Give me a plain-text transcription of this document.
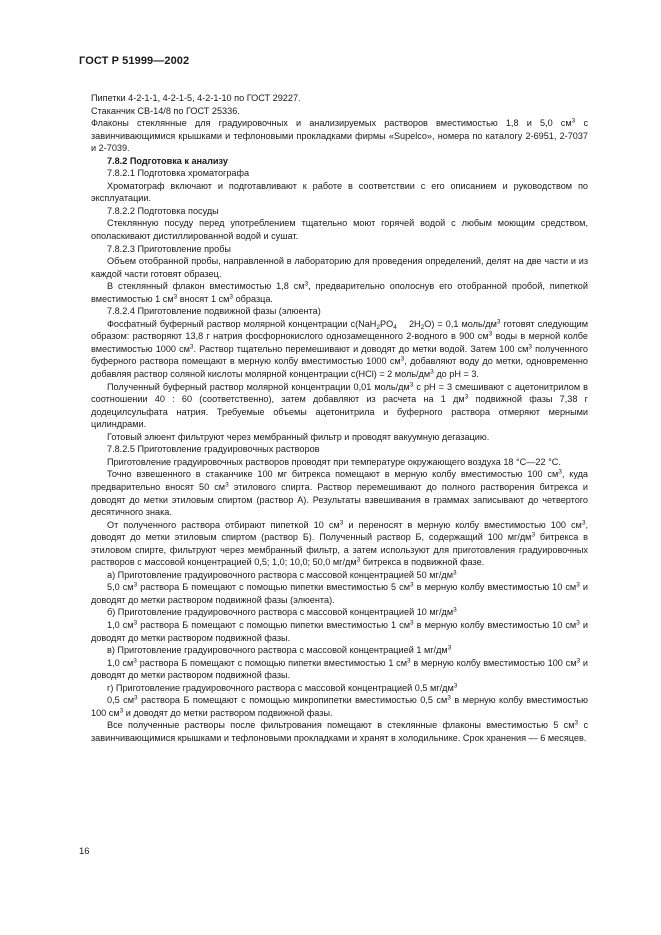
ГОСТ Р 51999—2002

Пипетки 4-2-1-1, 4-2-1-5, 4-2-1-10 по ГОСТ 29227.

Стаканчик СВ-14/8 по ГОСТ 25336.

Флаконы стеклянные для градуировочных и анализируемых растворов вместимостью 1,8 и 5,0 $см^3$ с завинчивающимися крышками и тефлоновыми прокладками фирмы «Supelco», номера по каталогу 2-6951, 2-7037 и 2-7039.

7.8.2 Подготовка к анализу

7.8.2.1 Подготовка хроматографа

Хроматограф включают и подготавливают к работе в соответствии с его описанием и руководством по эксплуатации.

7.8.2.2 Подготовка посуды

Стеклянную посуду перед употреблением тщательно моют горячей водой с любым моющим средством, ополаскивают дистиллированной водой и сушат.

7.8.2.3 Приготовление пробы

Объем отобранной пробы, направленной в лабораторию для проведения определений, делят на две части и из каждой части готовят образец.

В стеклянный флакон вместимостью 1,8 $см^3$, предварительно ополоснув его отобранной пробой, пипеткой вместимостью 1 $см^3$ вносят 1 $см^3$ образца.

7.8.2.4 Приготовление подвижной фазы (элюента)

Фосфатный буферный раствор молярной концентрации $с(NaH_2PO_4$ $2H_2O) = 0,1$ моль/$дм^3$ готовят следующим образом: растворяют 13,8 г натрия фосфорнокислого однозамещенного 2-водного в 900 $см^3$ воды в мерной колбе вместимостью 1000 $см^3$. Раствор тщательно перемешивают и доводят до метки водой. Затем 100 $см^3$ полученного буферного раствора помещают в мерную колбу вместимостью 1000 $см^3$, добавляют воду до метки, одновременно добавляя раствор соляной кислоты молярной концентрации с(HCl) = 2 моль/$дм^3$ до рН = 3.

Полученный буферный раствор молярной концентрации 0,01 моль/$дм^3$ с рН = 3 смешивают с ацетонитрилом в соотношении 40 : 60 (соответственно), затем добавляют из расчета на 1 $дм^3$ подвижной фазы 7,38 г додецилсульфата натрия. Требуемые объемы ацетонитрила и буферного раствора отмеряют мерными цилиндрами.

Готовый элюент фильтруют через мембранный фильтр и проводят вакуумную дегазацию.

7.8.2.5 Приготовление градуировочных растворов

Приготовление градуировочных растворов проводят при температуре окружающего воздуха 18 °С—22 °С.

Точно взвешенного в стаканчике 100 мг битрекса помещают в мерную колбу вместимостью 100 $см^3$, куда предварительно вносят 50 $см^3$ этилового спирта. Раствор перемешивают до полного растворения битрекса и доводят до метки этиловым спиртом (раствор А). Результаты взвешивания в граммах записывают до четвертого десятичного знака.

От полученного раствора отбирают пипеткой 10 $см^3$ и переносят в мерную колбу вместимостью 100 $см^3$, доводят до метки этиловым спиртом (раствор Б). Полученный раствор Б, содержащий 100 $мг/дм^3$ битрекса в этиловом спирте, фильтруют через мембранный фильтр, а затем используют для приготовления градуировочных растворов с массовой концентрацией 0,5; 1,0; 10,0; 50,0 $мг/дм^3$ битрекса в подвижной фазе.

а) Приготовление градуировочного раствора с массовой концентрацией 50 $мг/дм^3$

5,0 $см^3$ раствора Б помещают с помощью пипетки вместимостью 5 $см^3$ в мерную колбу вместимостью 10 $см^3$ и доводят до метки раствором подвижной фазы (элюента).

б) Приготовление градуировочного раствора с массовой концентрацией 10 $мг/дм^3$

1,0 $см^3$ раствора Б помещают с помощью пипетки вместимостью 1 $см^3$ в мерную колбу вместимостью 10 $см^3$ и доводят до метки раствором подвижной фазы.

в) Приготовление градуировочного раствора с массовой концентрацией 1 $мг/дм^3$

1,0 $см^3$ раствора Б помещают с помощью пипетки вместимостью 1 $см^3$ в мерную колбу вместимостью 100 $см^3$ и доводят до метки раствором подвижной фазы.

г) Приготовление градуировочного раствора с массовой концентрацией 0,5 $мг/дм^3$

0,5 $см^3$ раствора Б помещают с помощью микропипетки вместимостью 0,5 $см^3$ в мерную колбу вместимостью 100 $см^3$ и доводят до метки раствором подвижной фазы.

Все полученные растворы после фильтрования помещают в стеклянные флаконы вместимостью 5 $см^3$ с завинчивающимися крышками и тефлоновыми прокладками и хранят в холодильнике. Срок хранения — 6 месяцев.

16
